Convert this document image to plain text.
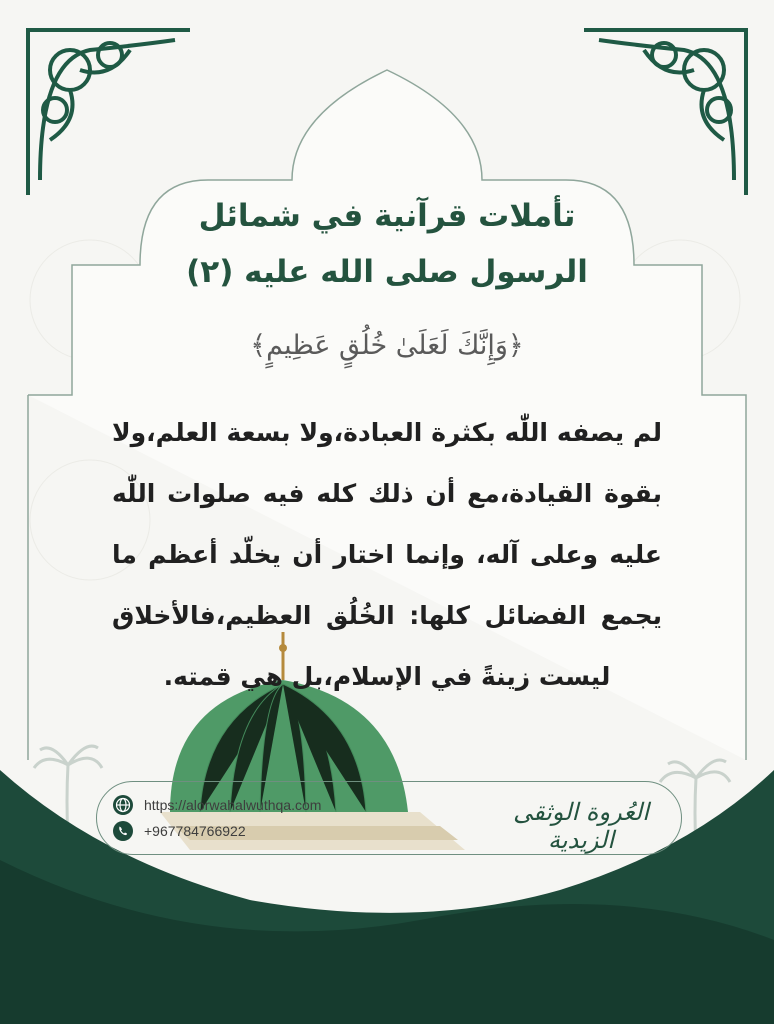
تأملات قرآنية في شمائل
الرسول صلى الله عليه (٢)
﴿وَإِنَّكَ لَعَلَىٰ خُلُقٍ عَظِيمٍ﴾
لم يصفه اللّٰه بكثرة العبادة،ولا بسعة العلم،ولا بقوة القيادة،مع أن ذلك كله فيه صلوات اللّٰه عليه وعلى آله، وإنما اختار أن يخلّد أعظم ما يجمع الفضائل كلها: الخُلُق العظيم،فالأخلاق ليست زينةً في الإسلام،بل هي قمته.
https://alorwahalwuthqa.com
+967784766922
العُروة الوثقى الزيدية
